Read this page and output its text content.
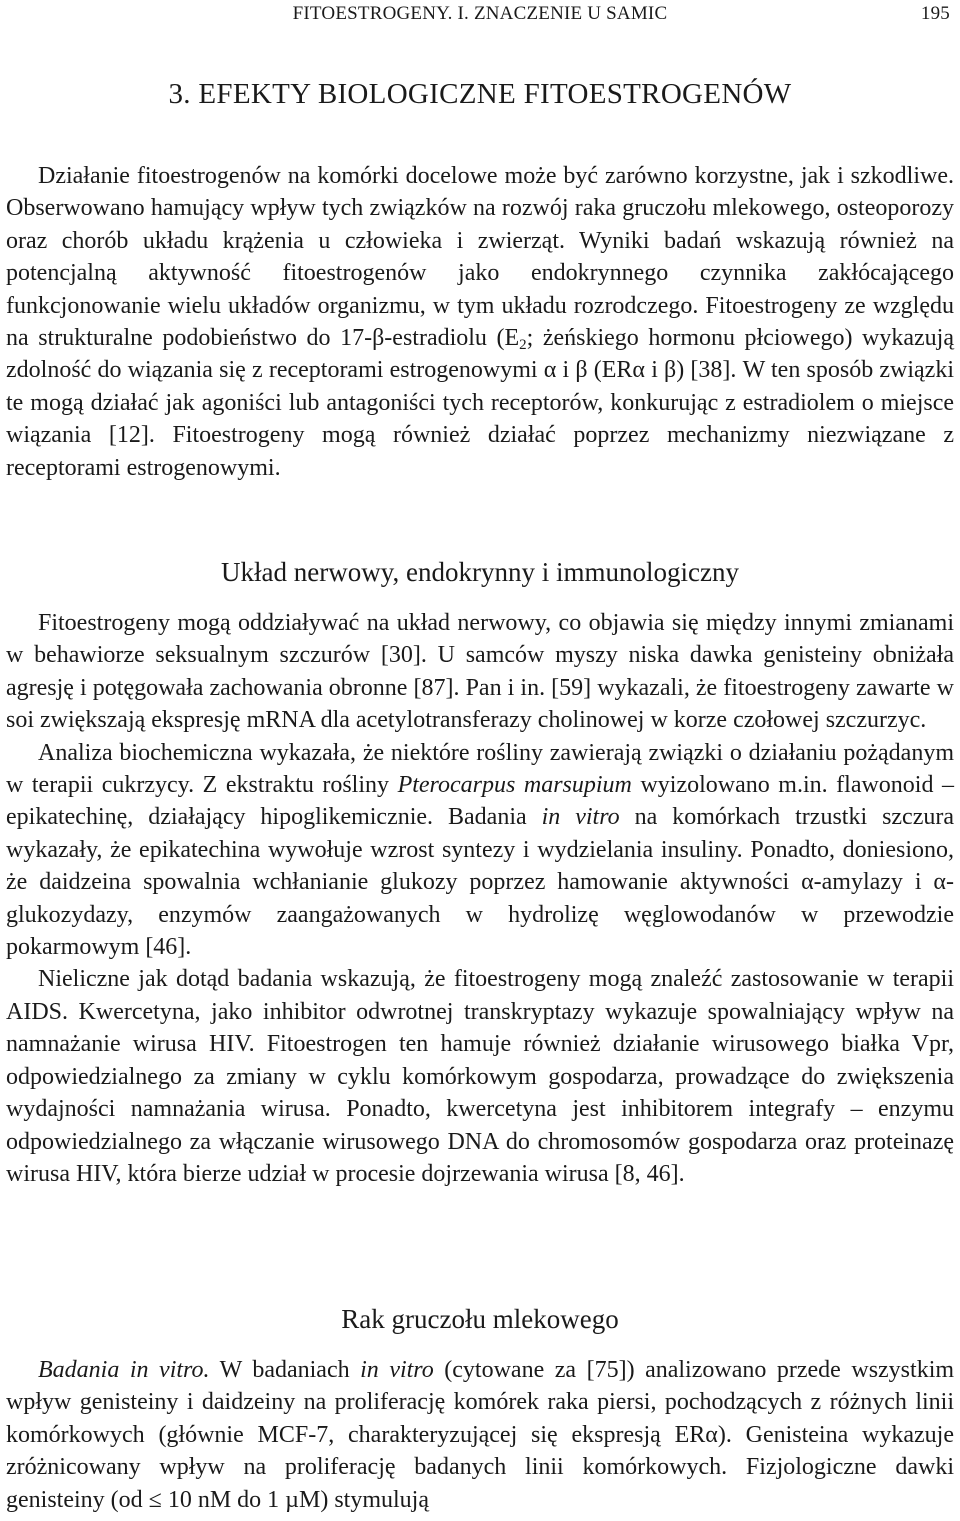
FITOESTROGENY. I. ZNACZENIE U SAMIC	195
3. EFEKTY BIOLOGICZNE FITOESTROGENÓW

Działanie fitoestrogenów na komórki docelowe może być zarówno korzystne, jak i szkodliwe. Obserwowano hamujący wpływ tych związków na rozwój raka gruczołu mlekowego, osteoporozy oraz chorób układu krążenia u człowieka i zwierząt. Wyniki badań wskazują również na potencjalną aktywność fitoestrogenów jako endokrynnego czynnika zakłócającego funkcjonowanie wielu układów organizmu, w tym układu rozrodczego. Fitoestrogeny ze względu na strukturalne podobieństwo do 17-β-estradiolu ($E_2$; żeńskiego hormonu płciowego) wykazują zdolność do wiązania się z receptorami estrogenowymi α i β (ERα i β) [38]. W ten sposób związki te mogą działać jak agoniści lub antagoniści tych receptorów, konkurując z estradiolem o miejsce wiązania [12]. Fitoestrogeny mogą również działać poprzez mechanizmy niezwiązane z receptorami estrogenowymi.

Układ nerwowy, endokrynny i immunologiczny

Fitoestrogeny mogą oddziaływać na układ nerwowy, co objawia się między innymi zmianami w behawiorze seksualnym szczurów [30]. U samców myszy niska dawka genisteiny obniżała agresję i potęgowała zachowania obronne [87]. Pan i in. [59] wykazali, że fitoestrogeny zawarte w soi zwiększają ekspresję mRNA dla acetylotransferazy cholinowej w korze czołowej szczurzyc.

Analiza biochemiczna wykazała, że niektóre rośliny zawierają związki o działaniu pożądanym w terapii cukrzycy. Z ekstraktu rośliny Pterocarpus marsupium wyizolowano m.in. flawonoid – epikatechinę, działający hipoglikemicznie. Badania in vitro na komórkach trzustki szczura wykazały, że epikatechina wywołuje wzrost syntezy i wydzielania insuliny. Ponadto, doniesiono, że daidzeina spowalnia wchłanianie glukozy poprzez hamowanie aktywności α-amylazy i α-glukozydazy, enzymów zaangażowanych w hydrolizę węglowodanów w przewodzie pokarmowym [46].

Nieliczne jak dotąd badania wskazują, że fitoestrogeny mogą znaleźć zastosowanie w terapii AIDS. Kwercetyna, jako inhibitor odwrotnej transkryptazy wykazuje spowalniający wpływ na namnażanie wirusa HIV. Fitoestrogen ten hamuje również działanie wirusowego białka Vpr, odpowiedzialnego za zmiany w cyklu komórkowym gospodarza, prowadzące do zwiększenia wydajności namnażania wirusa. Ponadto, kwercetyna jest inhibitorem integrafy – enzymu odpowiedzialnego za włączanie wirusowego DNA do chromosomów gospodarza oraz proteinazę wirusa HIV, która bierze udział w procesie dojrzewania wirusa [8, 46].

Rak gruczołu mlekowego

Badania in vitro. W badaniach in vitro (cytowane za [75]) analizowano przede wszystkim wpływ genisteiny i daidzeiny na proliferację komórek raka piersi, pochodzących z różnych linii komórkowych (głównie MCF-7, charakteryzującej się ekspresją ERα). Genisteina wykazuje zróżnicowany wpływ na proliferację badanych linii komórkowych. Fizjologiczne dawki genisteiny (od ≤ 10 nM do 1 µM) stymulują
